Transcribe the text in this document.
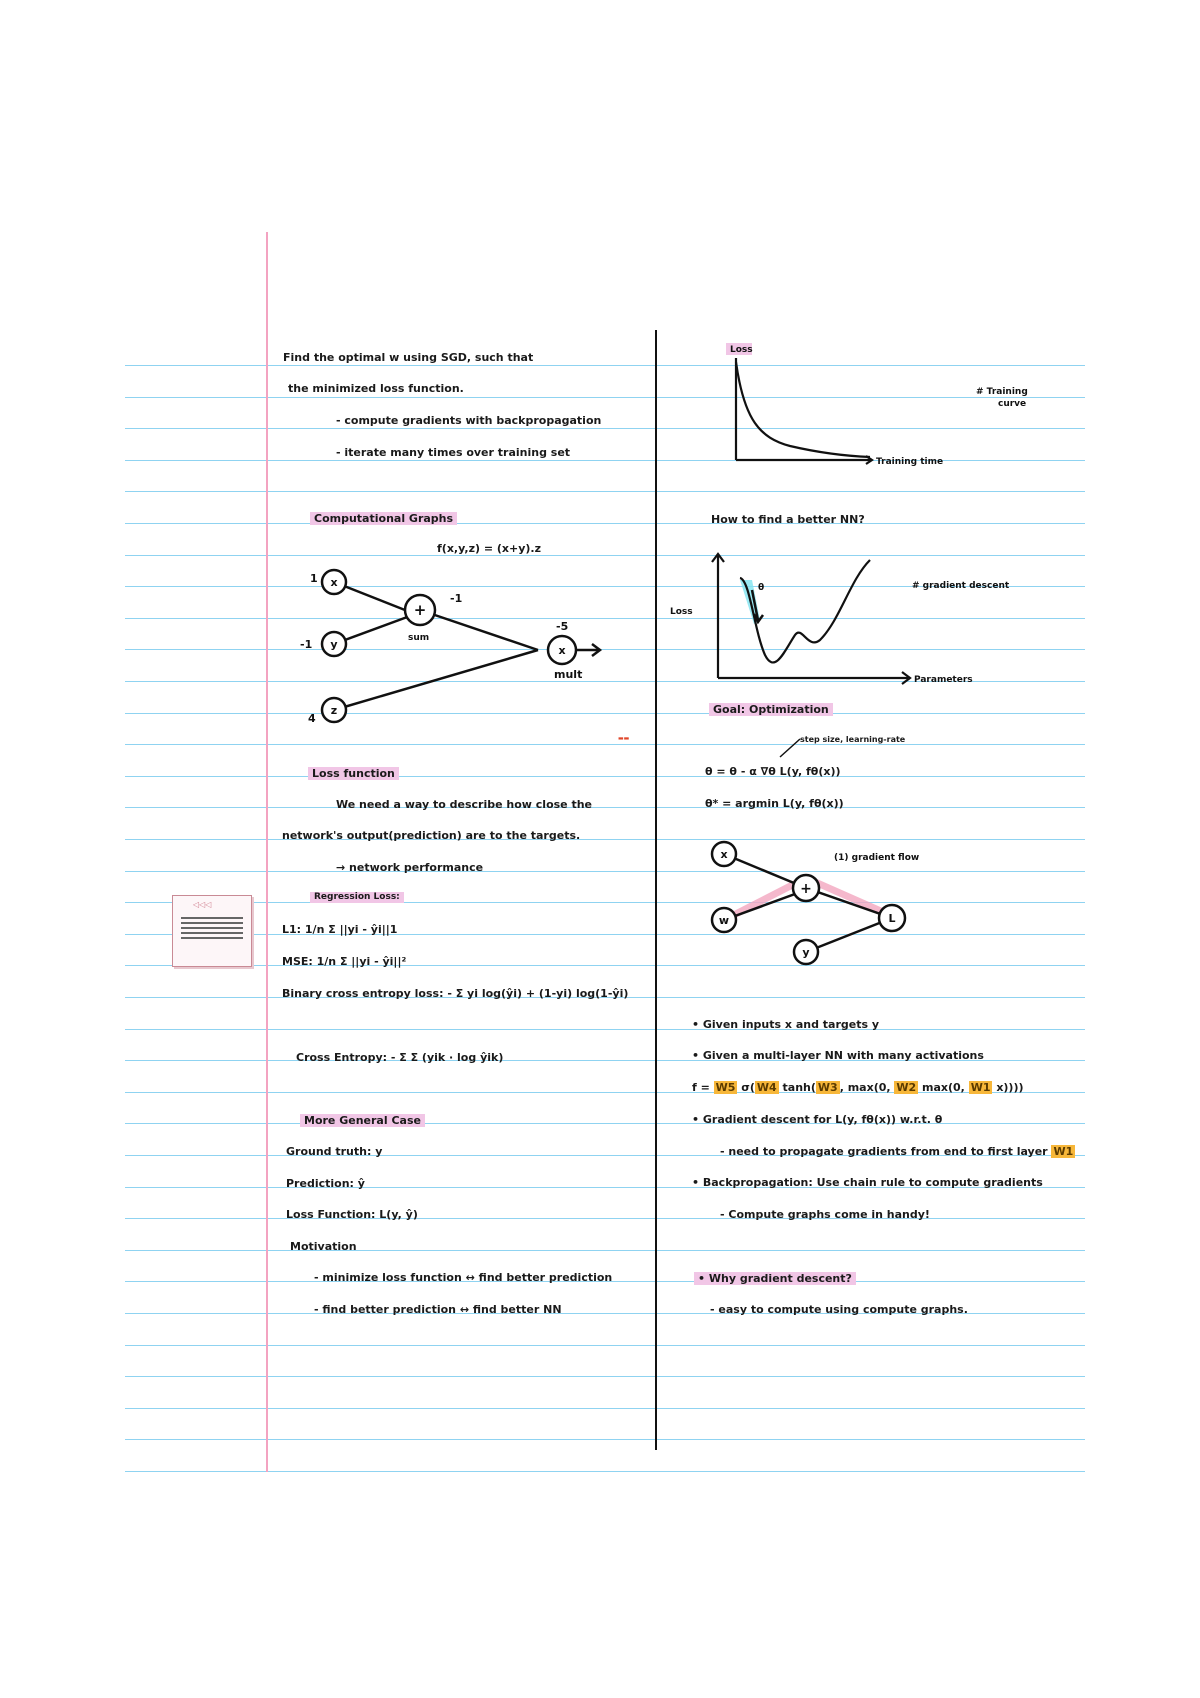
Find the optimal w using SGD, such that
the minimized loss function.
- compute gradients with backpropagation
- iterate many times over training set
Computational Graphs
f(x,y,z) = (x+y).z
x
y
z
+
x
1
-1
4
-1
-5
sum
mult
▬▬
Loss function
We need a way to describe how close the
network's output(prediction) are to the targets.
→ network performance
Regression Loss:
L1: 1/n Σ ||yi - ŷi||1
MSE: 1/n Σ ||yi - ŷi||²
Binary cross entropy loss: - Σ yi log(ŷi) + (1-yi) log(1-ŷi)
Cross Entropy: - Σ Σ (yik · log ŷik)
◁◁◁
More General Case
Ground truth: y
Prediction: ŷ
Loss Function: L(y, ŷ)
Motivation
- minimize loss function ↔ find better prediction
- find better prediction ↔ find better NN
Loss
Training time
# Training
curve
How to find a better NN?
Loss
θ
Parameters
# gradient descent
Goal: Optimization
step size, learning-rate
θ = θ - α ∇θ L(y, fθ(x))
θ* = argmin L(y, fθ(x))
x
w
+
y
L
(1) gradient flow
• Given inputs x and targets y
• Given a multi-layer NN with many activations
f = W5 σ( W4 tanh( W3 , max(0, W2 max(0, W1 x))))
• Gradient descent for L(y, fθ(x)) w.r.t. θ
- need to propagate gradients from end to first layer W1
• Backpropagation: Use chain rule to compute gradients
- Compute graphs come in handy!
• Why gradient descent?
- easy to compute using compute graphs.
